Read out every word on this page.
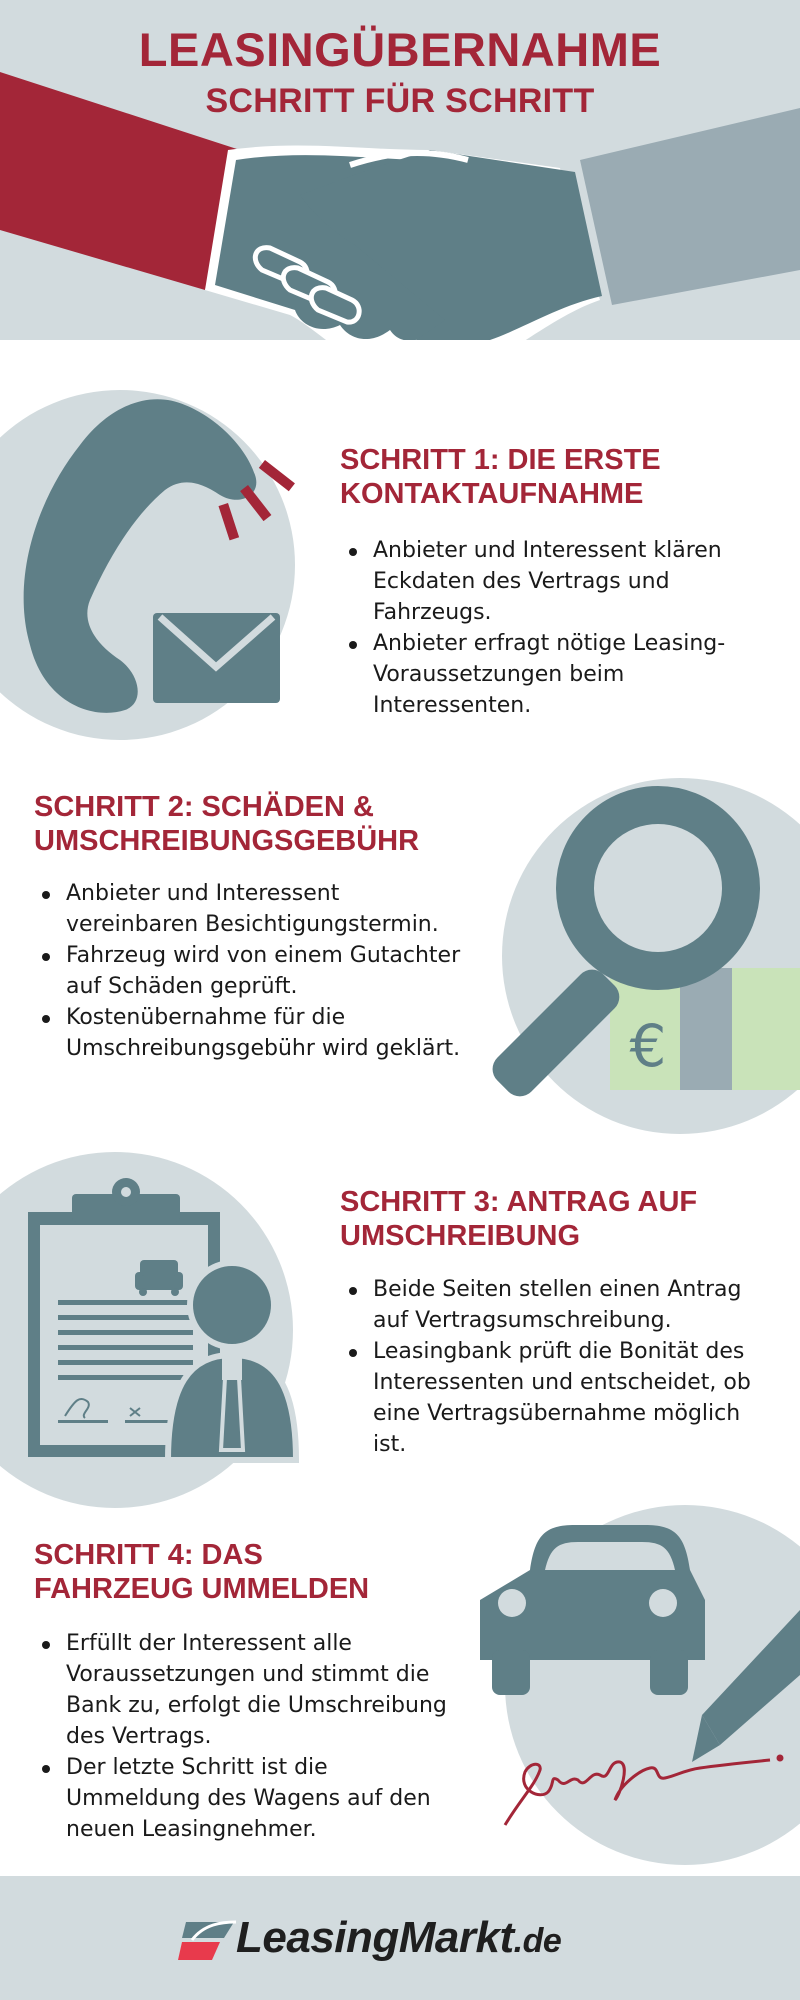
LEASINGÜBERNAHME
SCHRITT FÜR SCHRITT
SCHRITT 1: DIE ERSTE
KONTAKTAUFNAHME
Anbieter und Interessent klären Eckdaten des Vertrags und Fahrzeugs.
Anbieter erfragt nötige Leasing-Voraussetzungen beim Interessenten.
SCHRITT 2: SCHÄDEN &
UMSCHREIBUNGSGEBÜHR
Anbieter und Interessent vereinbaren Besichtigungstermin.
Fahrzeug wird von einem Gutachter auf Schäden geprüft.
Kostenübernahme für die Umschreibungsgebühr wird geklärt.	€
SCHRITT 3: ANTRAG AUF
UMSCHREIBUNG
Beide Seiten stellen einen Antrag auf Vertragsumschreibung.
Leasingbank prüft die Bonität des Interessenten und entscheidet, ob eine Vertragsübernahme möglich ist.
SCHRITT 4: DAS
FAHRZEUG UMMELDEN
Erfüllt der Interessent alle Voraussetzungen und stimmt die Bank zu, erfolgt die Umschreibung des Vertrags.
Der letzte Schritt ist die Ummeldung des Wagens auf den neuen Leasingnehmer.
LeasingMarkt.de
